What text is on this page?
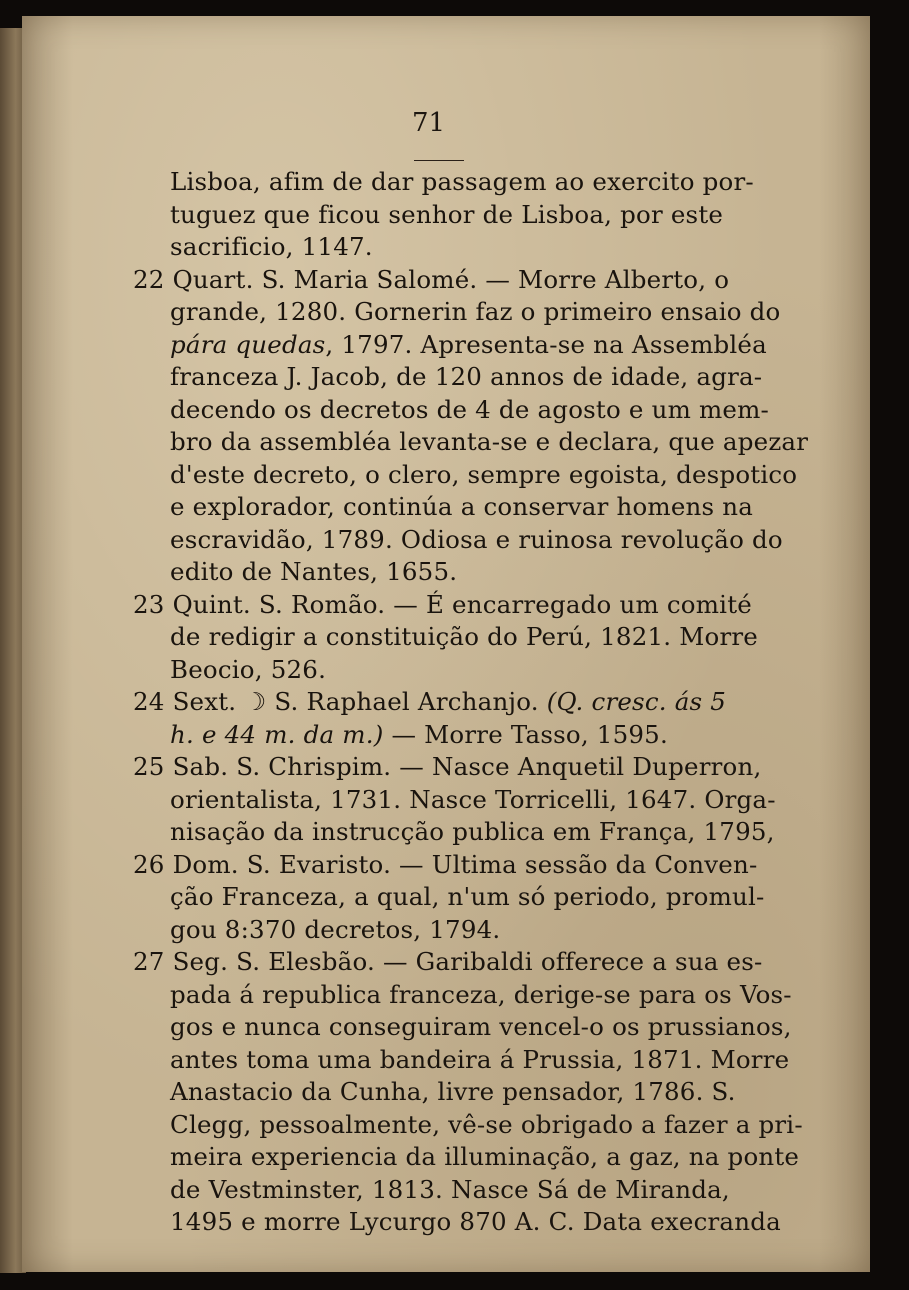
71
Lisboa, afim de dar passagem ao exercito por-
tuguez que ficou senhor de Lisboa, por este
sacrificio, 1147.
22 Quart. S. Maria Salomé. — Morre Alberto, o
grande, 1280. Gornerin faz o primeiro ensaio do
pára quedas, 1797. Apresenta-se na Assembléa
franceza J. Jacob, de 120 annos de idade, agra-
decendo os decretos de 4 de agosto e um mem-
bro da assembléa levanta-se e declara, que apezar
d'este decreto, o clero, sempre egoista, despotico
e explorador, continúa a conservar homens na
escravidão, 1789. Odiosa e ruinosa revolução do
edito de Nantes, 1655.
23 Quint. S. Romão. — É encarregado um comité
de redigir a constituição do Perú, 1821. Morre
Beocio, 526.
24 Sext. ☽ S. Raphael Archanjo. (Q. cresc. ás 5
h. e 44 m. da m.) — Morre Tasso, 1595.
25 Sab. S. Chrispim. — Nasce Anquetil Duperron,
orientalista, 1731. Nasce Torricelli, 1647. Orga-
nisação da instrucção publica em França, 1795,
26 Dom. S. Evaristo. — Ultima sessão da Conven-
ção Franceza, a qual, n'um só periodo, promul-
gou 8:370 decretos, 1794.
27 Seg. S. Elesbão. — Garibaldi offerece a sua es-
pada á republica franceza, derige-se para os Vos-
gos e nunca conseguiram vencel-o os prussianos,
antes toma uma bandeira á Prussia, 1871. Morre
Anastacio da Cunha, livre pensador, 1786. S.
Clegg, pessoalmente, vê-se obrigado a fazer a pri-
meira experiencia da illuminação, a gaz, na ponte
de Vestminster, 1813. Nasce Sá de Miranda,
1495 e morre Lycurgo 870 A. C. Data execranda
